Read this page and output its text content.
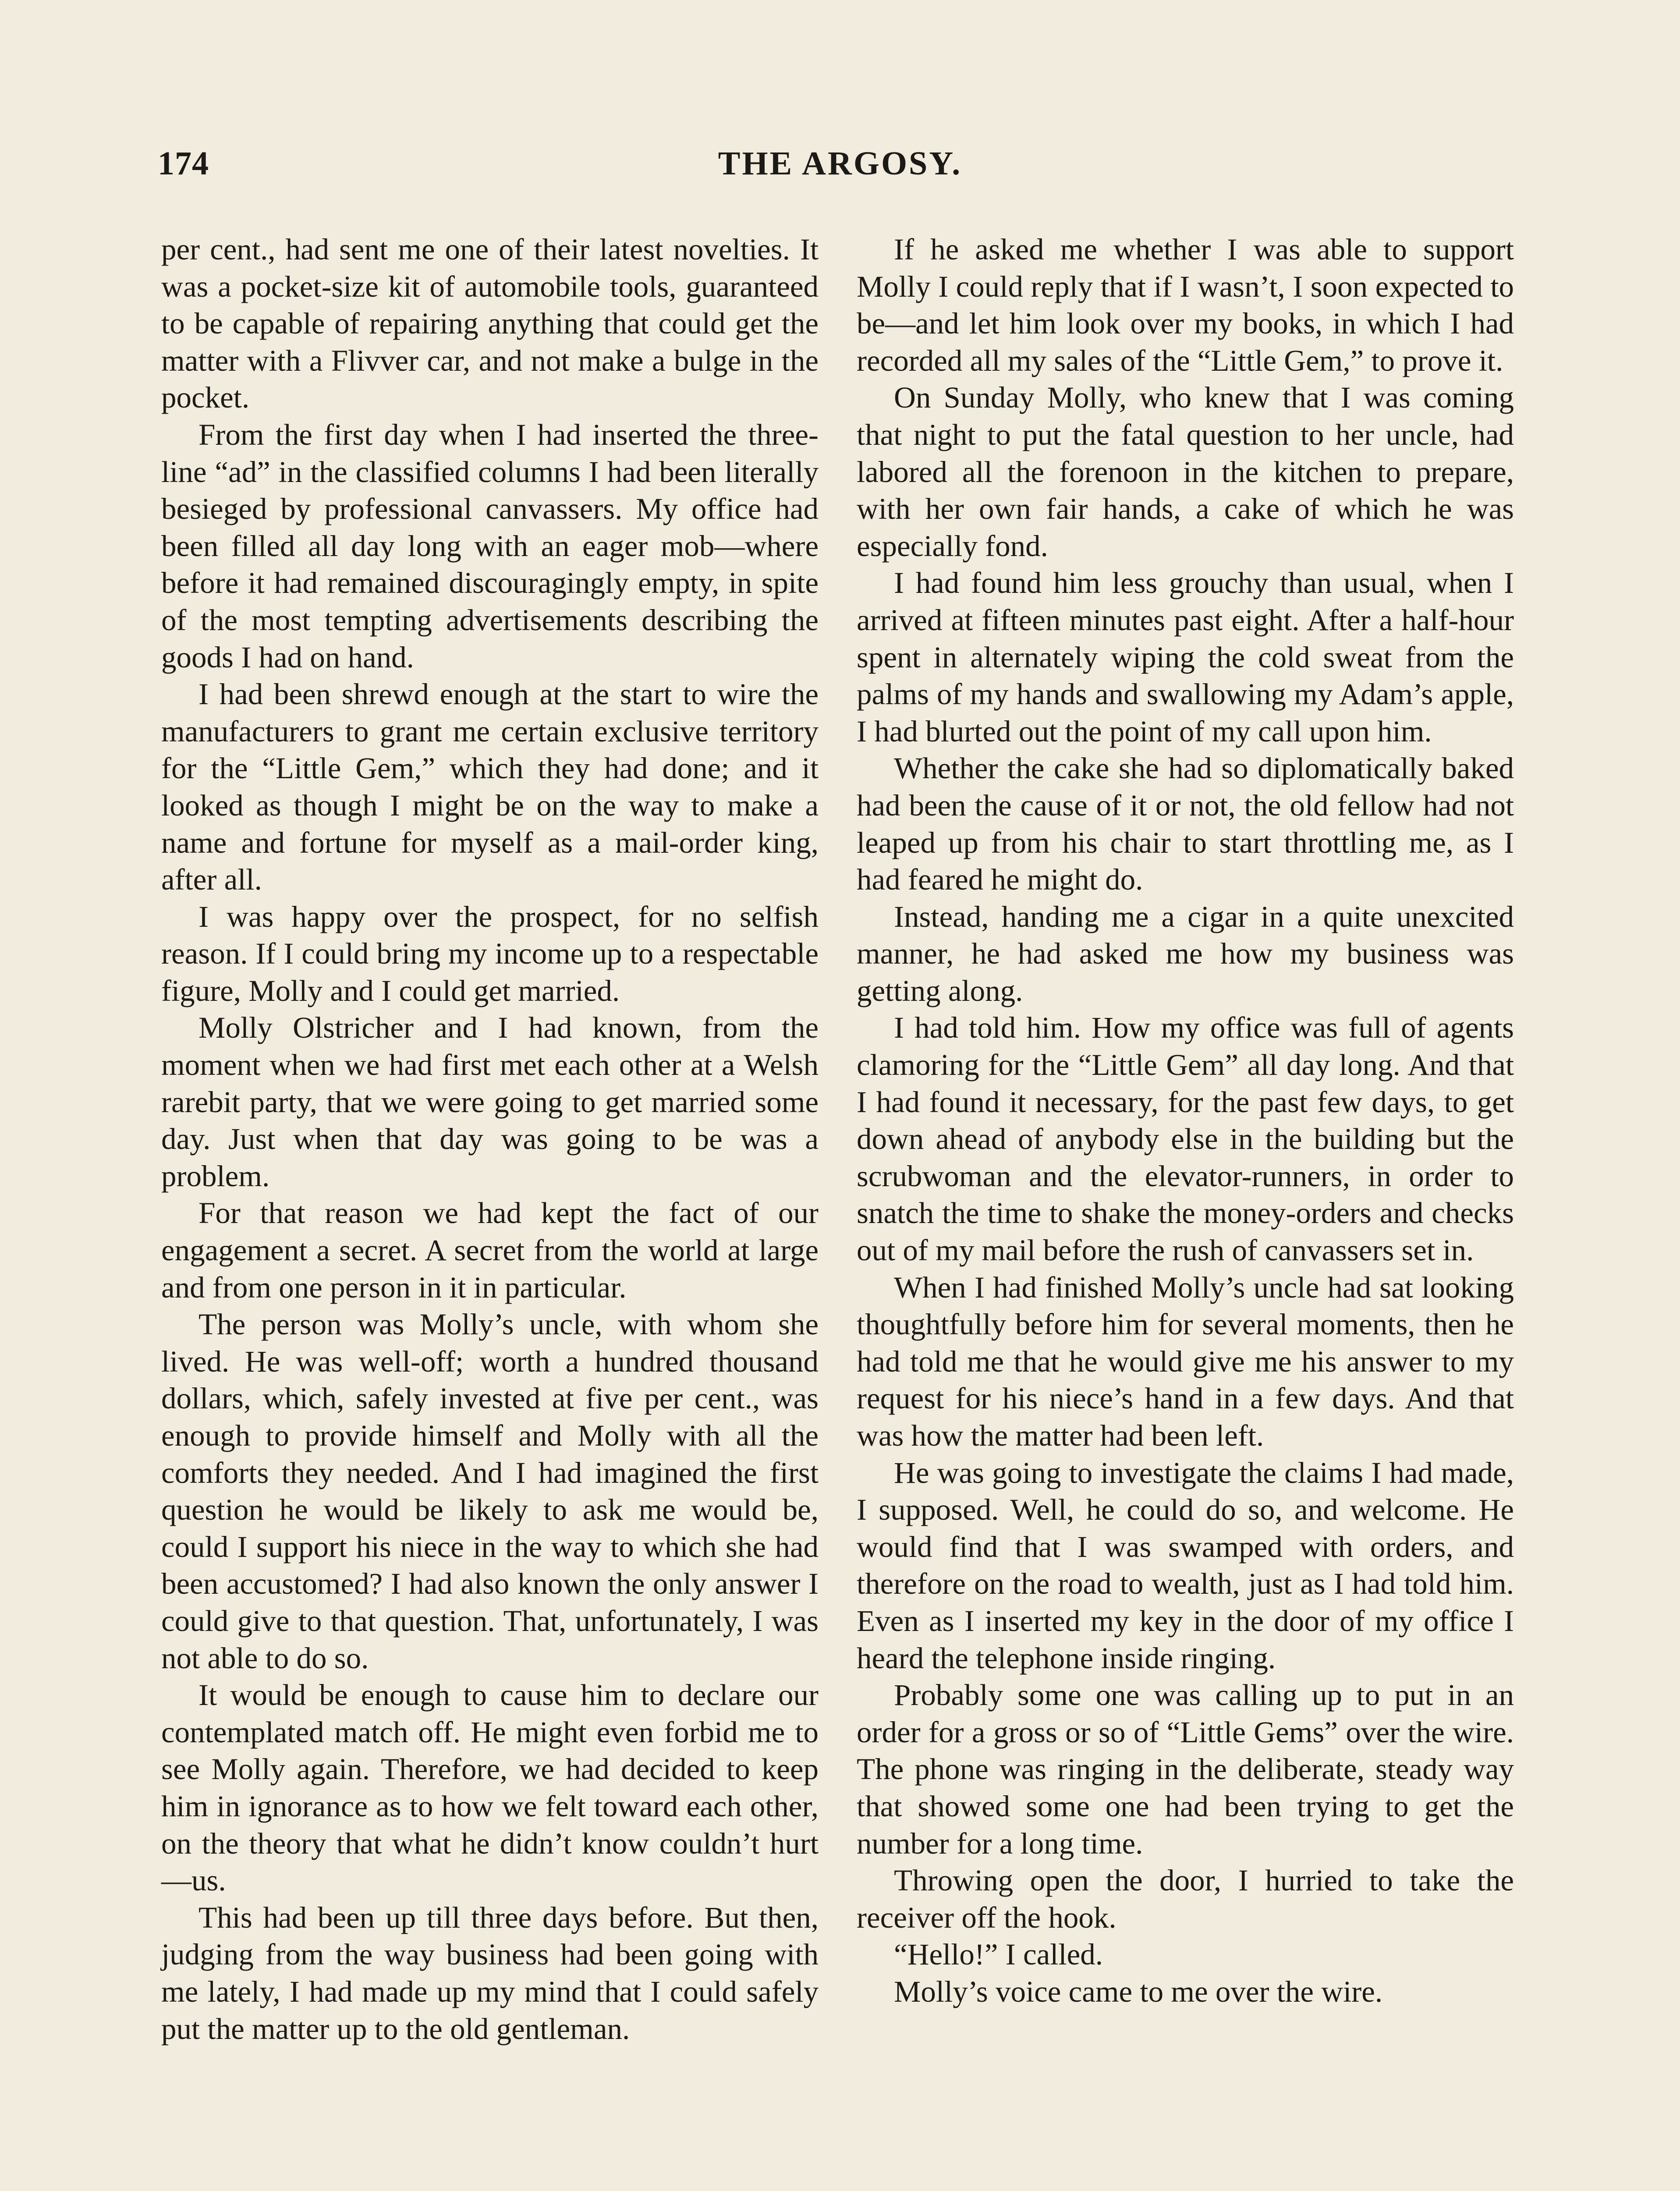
174	THE ARGOSY.

per cent., had sent me one of their latest novelties. It was a pocket-size kit of automobile tools, guaranteed to be capable of repairing anything that could get the matter with a Flivver car, and not make a bulge in the pocket.

From the first day when I had inserted the three-line “ad” in the classified columns I had been literally besieged by professional canvassers. My office had been filled all day long with an eager mob—where before it had remained discouragingly empty, in spite of the most tempting advertisements describing the goods I had on hand.

I had been shrewd enough at the start to wire the manufacturers to grant me certain exclusive territory for the “Little Gem,” which they had done; and it looked as though I might be on the way to make a name and fortune for myself as a mail-order king, after all.

I was happy over the prospect, for no selfish reason. If I could bring my income up to a respectable figure, Molly and I could get married.

Molly Olstricher and I had known, from the moment when we had first met each other at a Welsh rarebit party, that we were going to get married some day. Just when that day was going to be was a problem.

For that reason we had kept the fact of our engagement a secret. A secret from the world at large and from one person in it in particular.

The person was Molly’s uncle, with whom she lived. He was well-off; worth a hundred thousand dollars, which, safely invested at five per cent., was enough to provide himself and Molly with all the comforts they needed. And I had imagined the first question he would be likely to ask me would be, could I support his niece in the way to which she had been accustomed? I had also known the only answer I could give to that question. That, unfortunately, I was not able to do so.

It would be enough to cause him to declare our contemplated match off. He might even forbid me to see Molly again. Therefore, we had decided to keep him in ignorance as to how we felt toward each other, on the theory that what he didn’t know couldn’t hurt—us.

This had been up till three days before. But then, judging from the way business had been going with me lately, I had made up my mind that I could safely put the matter up to the old gentleman.

If he asked me whether I was able to support Molly I could reply that if I wasn’t, I soon expected to be—and let him look over my books, in which I had recorded all my sales of the “Little Gem,” to prove it.

On Sunday Molly, who knew that I was coming that night to put the fatal question to her uncle, had labored all the forenoon in the kitchen to prepare, with her own fair hands, a cake of which he was especially fond.

I had found him less grouchy than usual, when I arrived at fifteen minutes past eight. After a half-hour spent in alternately wiping the cold sweat from the palms of my hands and swallowing my Adam’s apple, I had blurted out the point of my call upon him.

Whether the cake she had so diplomatically baked had been the cause of it or not, the old fellow had not leaped up from his chair to start throttling me, as I had feared he might do.

Instead, handing me a cigar in a quite unexcited manner, he had asked me how my business was getting along.

I had told him. How my office was full of agents clamoring for the “Little Gem” all day long. And that I had found it necessary, for the past few days, to get down ahead of anybody else in the building but the scrubwoman and the elevator-runners, in order to snatch the time to shake the money-orders and checks out of my mail before the rush of canvassers set in.

When I had finished Molly’s uncle had sat looking thoughtfully before him for several moments, then he had told me that he would give me his answer to my request for his niece’s hand in a few days. And that was how the matter had been left.

He was going to investigate the claims I had made, I supposed. Well, he could do so, and welcome. He would find that I was swamped with orders, and therefore on the road to wealth, just as I had told him. Even as I inserted my key in the door of my office I heard the telephone inside ringing.

Probably some one was calling up to put in an order for a gross or so of “Little Gems” over the wire. The phone was ringing in the deliberate, steady way that showed some one had been trying to get the number for a long time.

Throwing open the door, I hurried to take the receiver off the hook.

“Hello!” I called.

Molly’s voice came to me over the wire.
